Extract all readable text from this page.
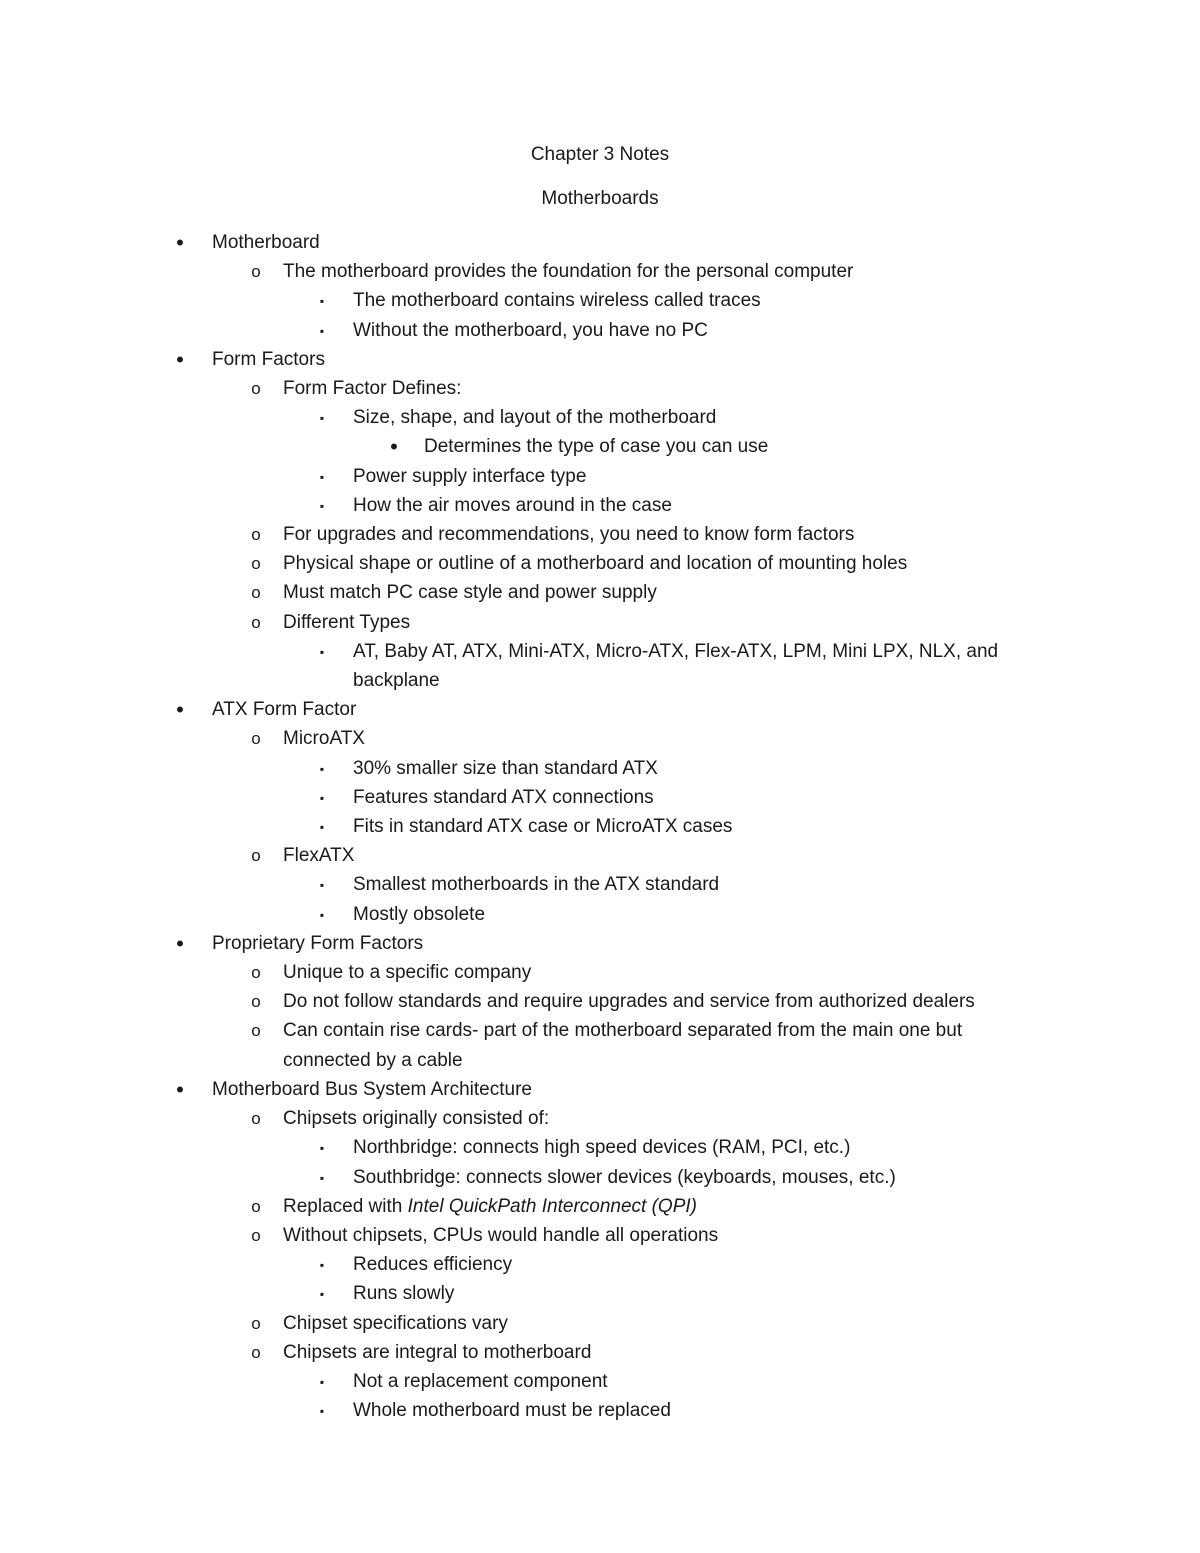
Chapter 3 Notes
Motherboards
•	Motherboard
o The motherboard provides the foundation for the personal computer
▪	The motherboard contains wireless called traces
▪	Without the motherboard, you have no PC
•	Form Factors
o Form Factor Defines:
▪	Size, shape, and layout of the motherboard
•	Determines the type of case you can use
▪	Power supply interface type
▪	How the air moves around in the case
o For upgrades and recommendations, you need to know form factors
o Physical shape or outline of a motherboard and location of mounting holes
o Must match PC case style and power supply
o Different Types
▪	AT, Baby AT, ATX, Mini-ATX, Micro-ATX, Flex-ATX, LPM, Mini LPX, NLX, and backplane
•	ATX Form Factor
o MicroATX
▪	30% smaller size than standard ATX
▪	Features standard ATX connections
▪	Fits in standard ATX case or MicroATX cases
o FlexATX
▪	Smallest motherboards in the ATX standard
▪	Mostly obsolete
•	Proprietary Form Factors
o Unique to a specific company
o Do not follow standards and require upgrades and service from authorized dealers
o Can contain rise cards- part of the motherboard separated from the main one but connected by a cable
•	Motherboard Bus System Architecture
o Chipsets originally consisted of:
▪	Northbridge: connects high speed devices (RAM, PCI, etc.)
▪	Southbridge: connects slower devices (keyboards, mouses, etc.)
o Replaced with Intel QuickPath Interconnect (QPI)
o Without chipsets, CPUs would handle all operations
▪	Reduces efficiency
▪	Runs slowly
o Chipset specifications vary
o Chipsets are integral to motherboard
▪	Not a replacement component
▪	Whole motherboard must be replaced
